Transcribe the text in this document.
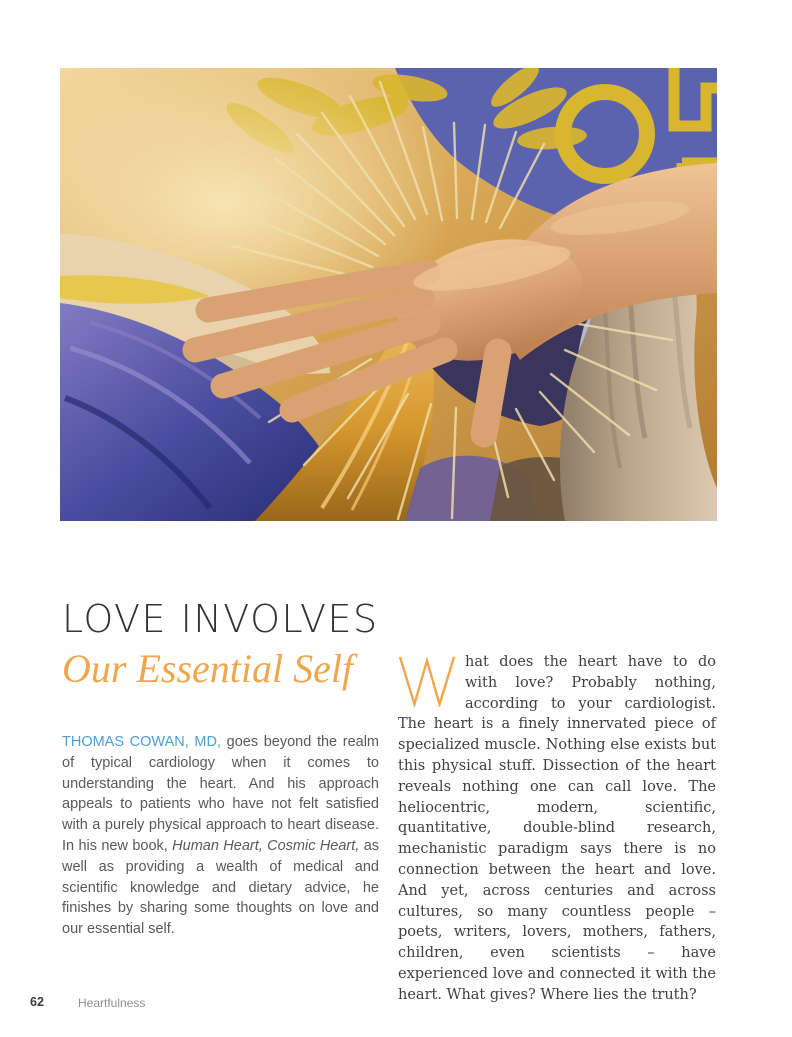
LOVE INVOLVES
Our Essential Self

THOMAS COWAN, MD, goes beyond the realm of typical cardiology when it comes to understanding the heart. And his approach appeals to patients who have not felt satisfied with a purely physical approach to heart disease. In his new book, Human Heart, Cosmic Heart, as well as providing a wealth of medical and scientific knowledge and dietary advice, he finishes by sharing some thoughts on love and our essential self.

hat does the heart have to do with love? Probably nothing, according to your cardiologist. The heart is a finely innervated piece of specialized muscle. Nothing else exists but this physical stuff. Dissection of the heart reveals nothing one can call love. The heliocentric, modern, scientific, quantitative, double-blind research, mechanistic paradigm says there is no connection between the heart and love. And yet, across centuries and across cultures, so many countless people – poets, writers, lovers, mothers, fathers, children, even scientists – have experienced love and connected it with the heart. What gives? Where lies the truth?

62	Heartfulness
